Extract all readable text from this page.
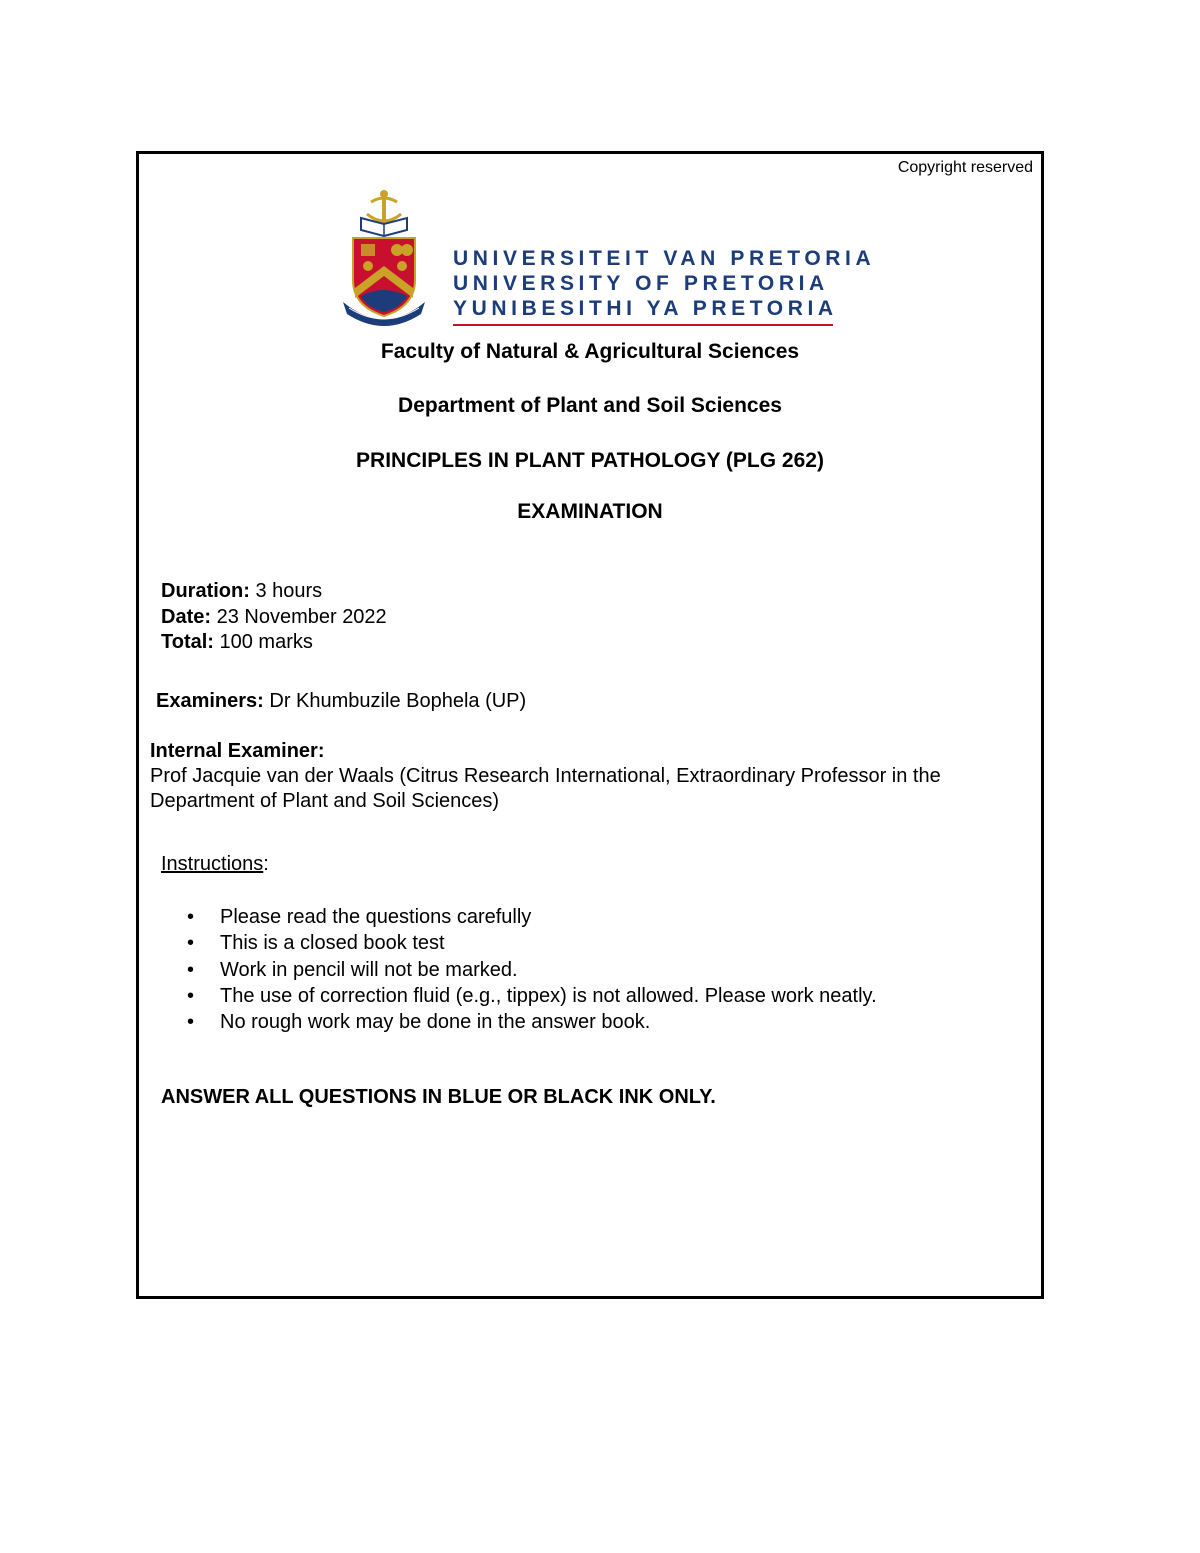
Copyright reserved
UNIVERSITEIT VAN PRETORIA
UNIVERSITY OF PRETORIA
YUNIBESITHI YA PRETORIA
Faculty of Natural & Agricultural Sciences
Department of Plant and Soil Sciences
PRINCIPLES IN PLANT PATHOLOGY (PLG 262)
EXAMINATION
Duration: 3 hours
Date: 23 November 2022
Total: 100 marks
Examiners: Dr Khumbuzile Bophela (UP)
Internal Examiner:
Prof Jacquie van der Waals (Citrus Research International, Extraordinary Professor in the
Department of Plant and Soil Sciences)
Instructions:
• Please read the questions carefully
• This is a closed book test
• Work in pencil will not be marked.
• The use of correction fluid (e.g., tippex) is not allowed. Please work neatly.
• No rough work may be done in the answer book.
ANSWER ALL QUESTIONS IN BLUE OR BLACK INK ONLY.
